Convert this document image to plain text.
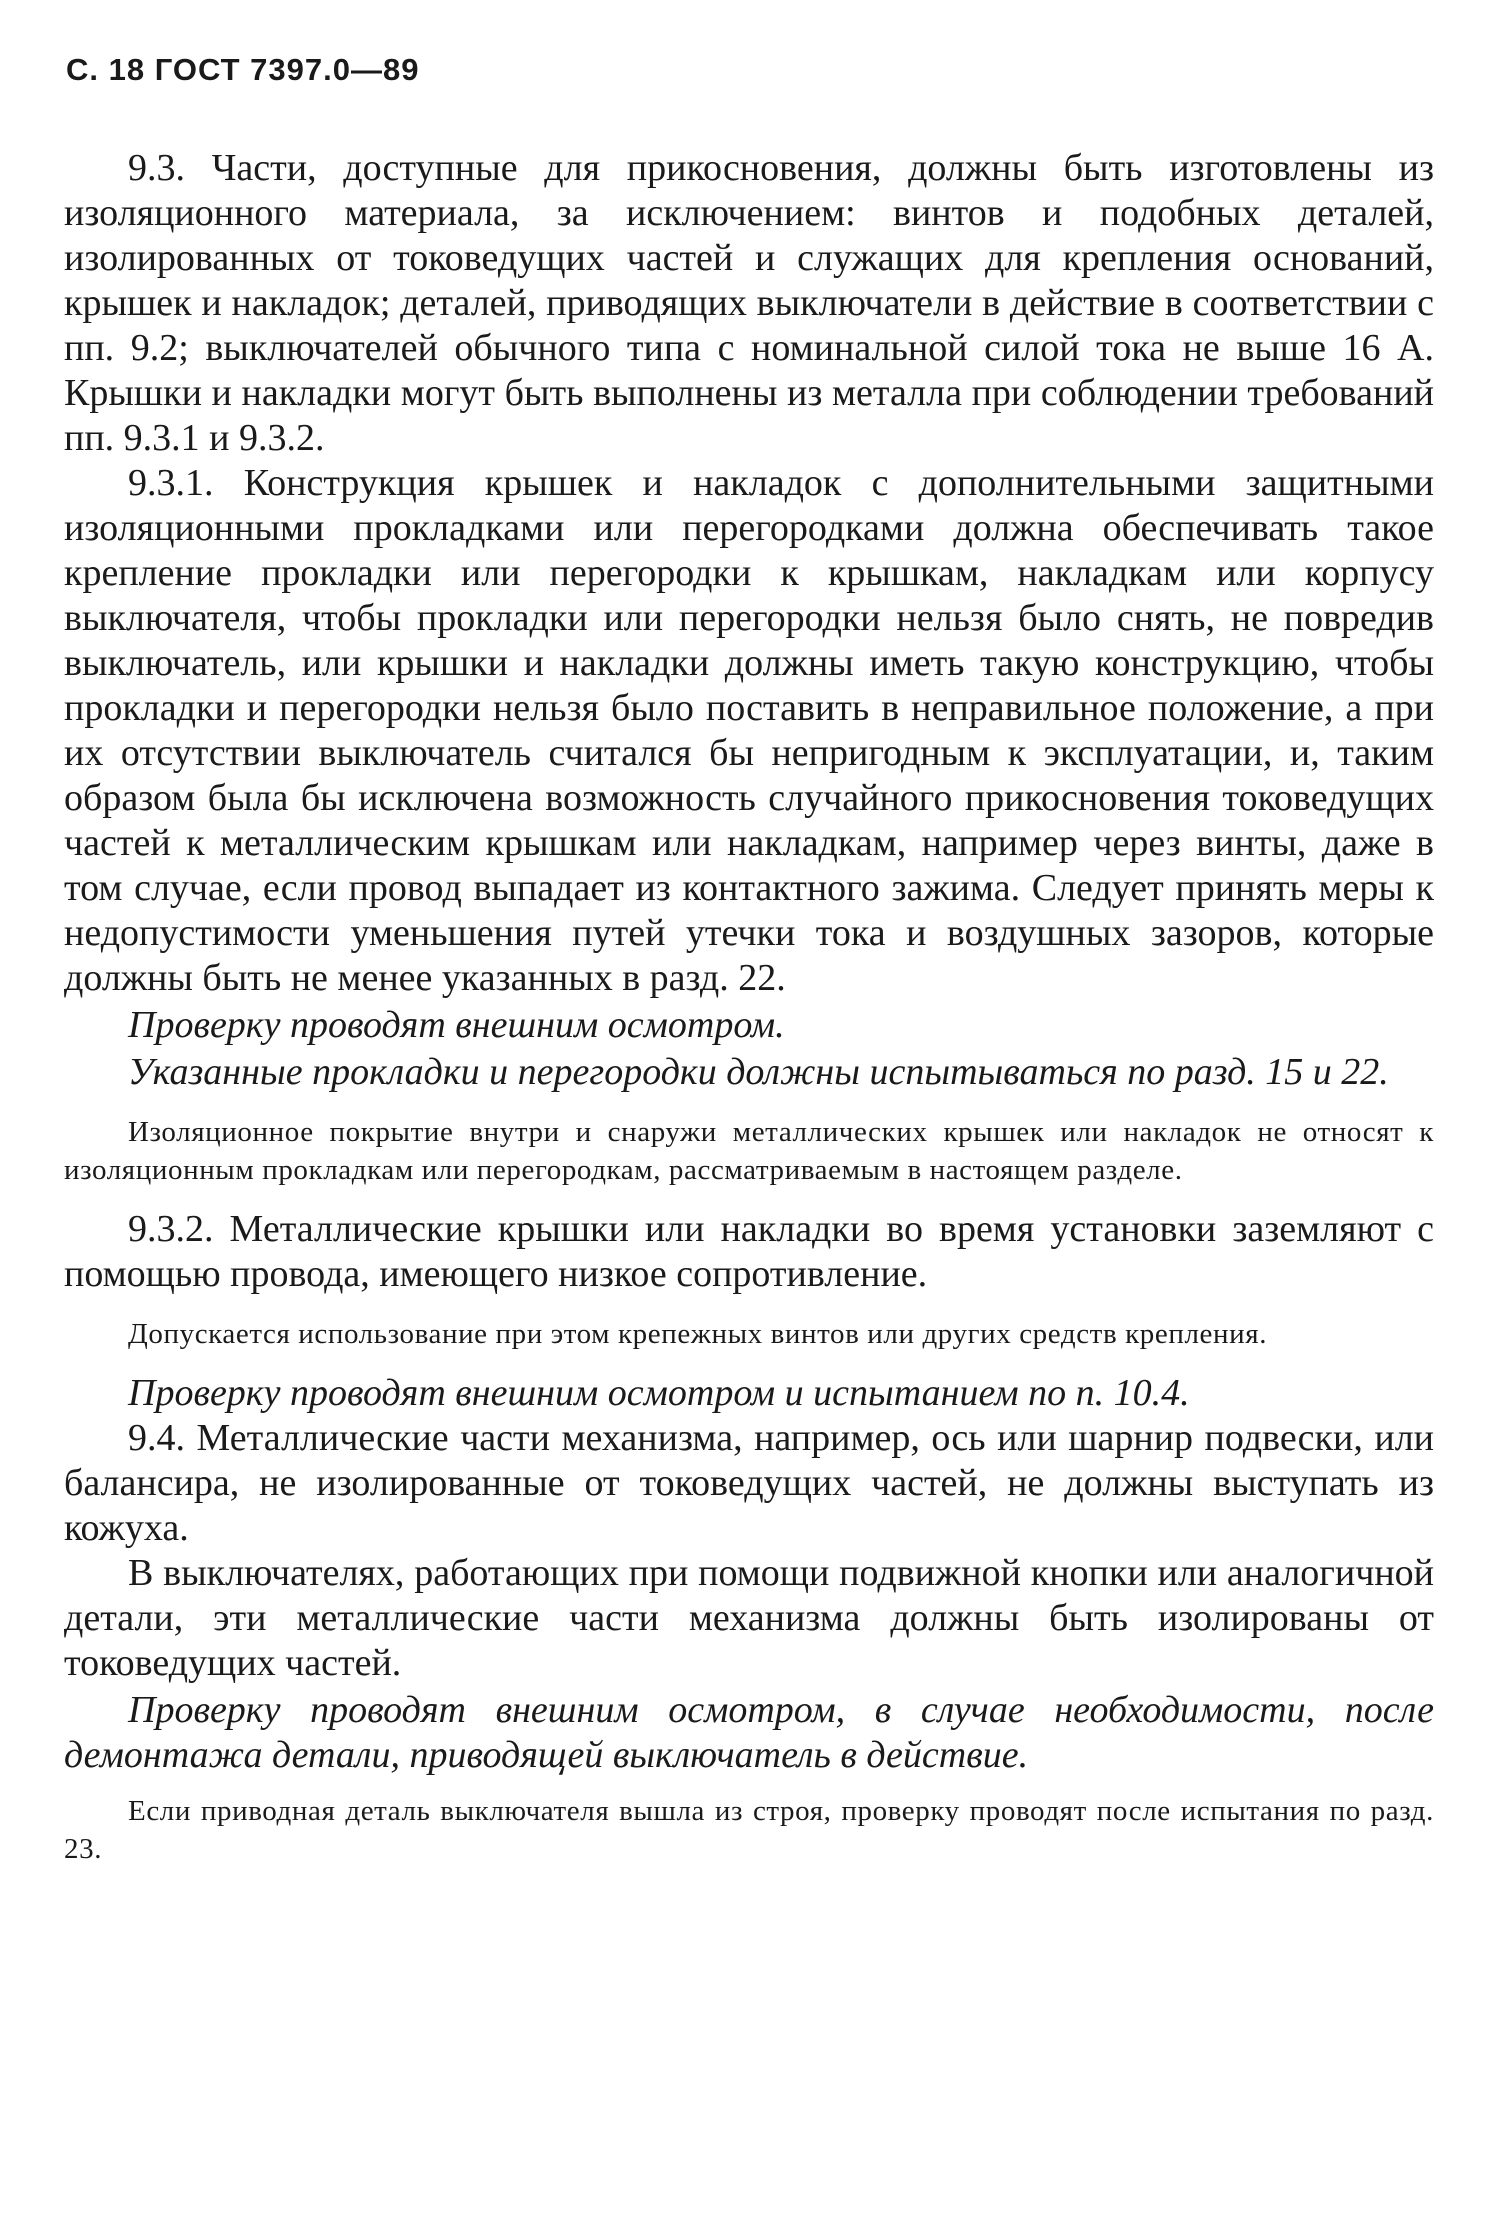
С. 18 ГОСТ 7397.0—89

9.3. Части, доступные для прикосновения, должны быть изготовлены из изоляционного материала, за исключением: винтов и подобных деталей, изолированных от токоведущих частей и служащих для крепления оснований, крышек и накладок; деталей, приводящих выключатели в действие в соответствии с пп. 9.2; выключателей обычного типа с номинальной силой тока не выше 16 А. Крышки и накладки могут быть выполнены из металла при соблюдении требований пп. 9.3.1 и 9.3.2.

9.3.1. Конструкция крышек и накладок с дополнительными защитными изоляционными прокладками или перегородками должна обеспечивать такое крепление прокладки или перегородки к крышкам, накладкам или корпусу выключателя, чтобы прокладки или перегородки нельзя было снять, не повредив выключатель, или крышки и накладки должны иметь такую конструкцию, чтобы прокладки и перегородки нельзя было поставить в неправильное положение, а при их отсутствии выключатель считался бы непригодным к эксплуатации, и, таким образом была бы исключена возможность случайного прикосновения токоведущих частей к металлическим крышкам или накладкам, например через винты, даже в том случае, если провод выпадает из контактного зажима. Следует принять меры к недопустимости уменьшения путей утечки тока и воздушных зазоров, которые должны быть не менее указанных в разд. 22.

Проверку проводят внешним осмотром.

Указанные прокладки и перегородки должны испытываться по разд. 15 и 22.

Изоляционное покрытие внутри и снаружи металлических крышек или накладок не относят к изоляционным прокладкам или перегородкам, рассматриваемым в настоящем разделе.

9.3.2. Металлические крышки или накладки во время установки заземляют с помощью провода, имеющего низкое сопротивление.

Допускается использование при этом крепежных винтов или других средств крепления.

Проверку проводят внешним осмотром и испытанием по п. 10.4.

9.4. Металлические части механизма, например, ось или шарнир подвески, или балансира, не изолированные от токоведущих частей, не должны выступать из кожуха.

В выключателях, работающих при помощи подвижной кнопки или аналогичной детали, эти металлические части механизма должны быть изолированы от токоведущих частей.

Проверку проводят внешним осмотром, в случае необходимости, после демонтажа детали, приводящей выключатель в действие.

Если приводная деталь выключателя вышла из строя, проверку проводят после испытания по разд. 23.
